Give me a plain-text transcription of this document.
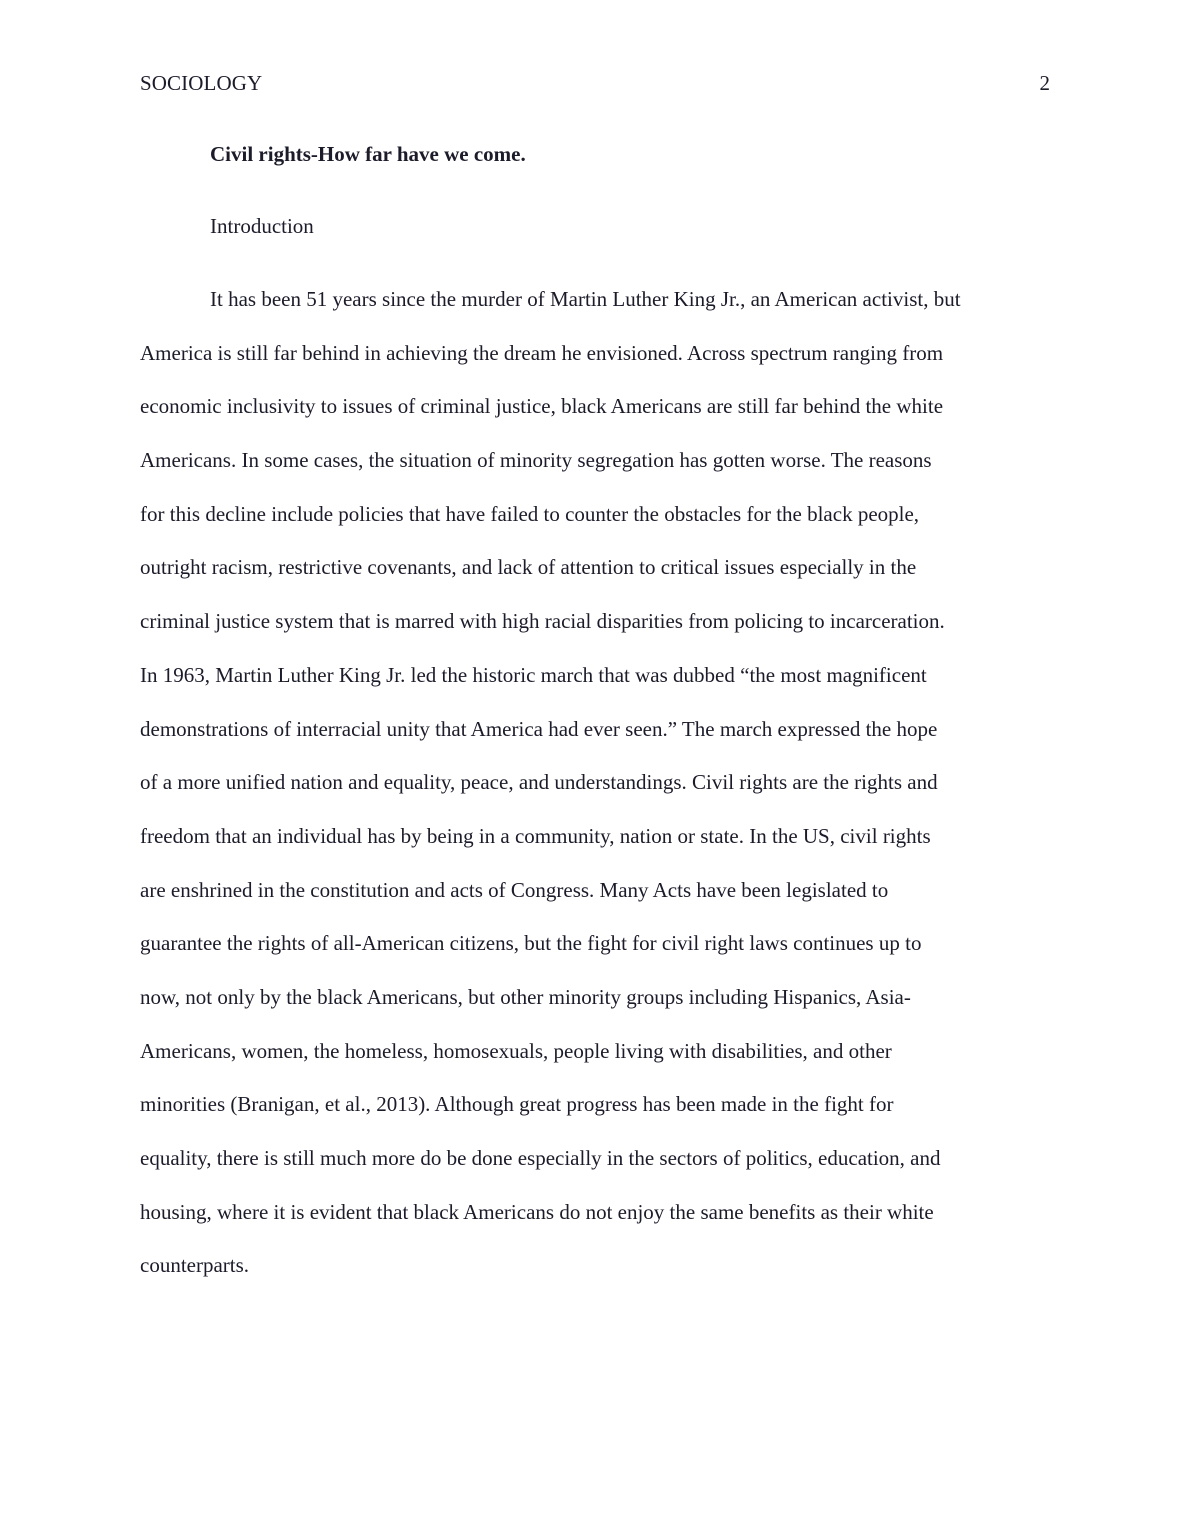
SOCIOLOGY	2
Civil rights-How far have we come.
Introduction
It has been 51 years since the murder of Martin Luther King Jr., an American activist, but
America is still far behind in achieving the dream he envisioned. Across spectrum ranging from
economic inclusivity to issues of criminal justice, black Americans are still far behind the white
Americans. In some cases, the situation of minority segregation has gotten worse. The reasons
for this decline include policies that have failed to counter the obstacles for the black people,
outright racism, restrictive covenants, and lack of attention to critical issues especially in the
criminal justice system that is marred with high racial disparities from policing to incarceration.
In 1963, Martin Luther King Jr. led the historic march that was dubbed “the most magnificent
demonstrations of interracial unity that America had ever seen.” The march expressed the hope
of a more unified nation and equality, peace, and understandings. Civil rights are the rights and
freedom that an individual has by being in a community, nation or state. In the US, civil rights
are enshrined in the constitution and acts of Congress. Many Acts have been legislated to
guarantee the rights of all-American citizens, but the fight for civil right laws continues up to
now, not only by the black Americans, but other minority groups including Hispanics, Asia-
Americans, women, the homeless, homosexuals, people living with disabilities, and other
minorities (Branigan, et al., 2013). Although great progress has been made in the fight for
equality, there is still much more do be done especially in the sectors of politics, education, and
housing, where it is evident that black Americans do not enjoy the same benefits as their white
counterparts.
